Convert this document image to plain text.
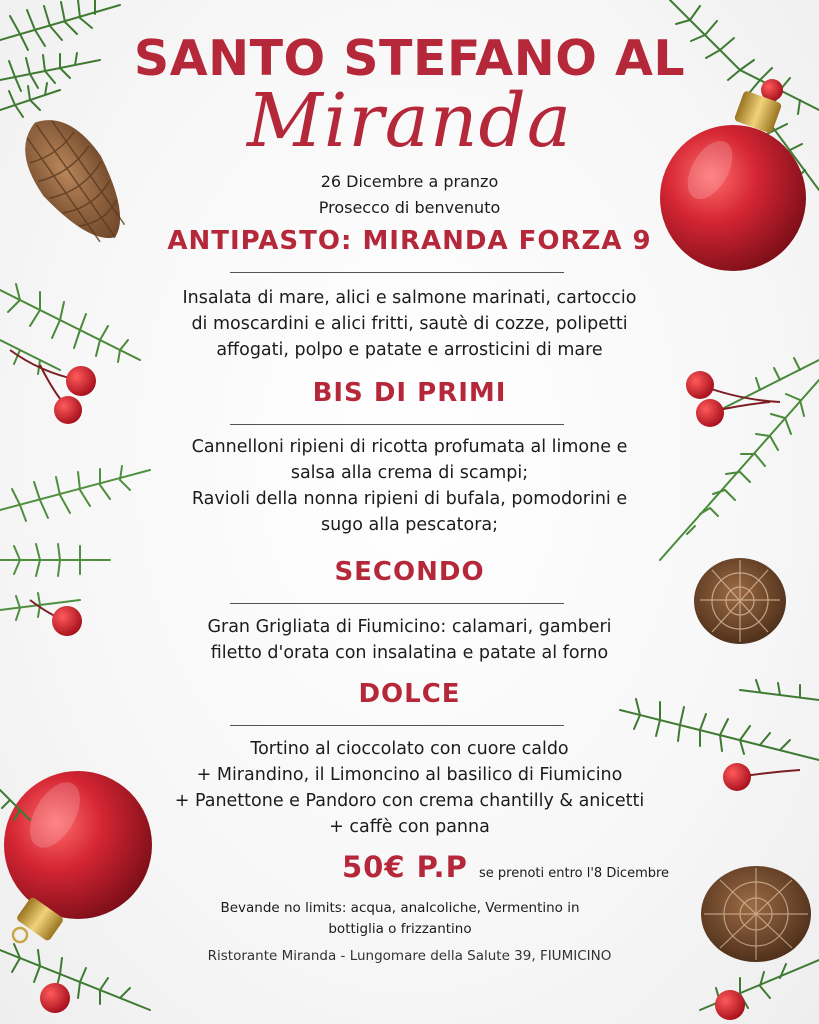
SANTO STEFANO AL
Miranda
26 Dicembre a pranzo
Prosecco di benvenuto
ANTIPASTO: MIRANDA FORZA 9
Insalata di mare, alici e salmone marinati, cartoccio
di moscardini e alici fritti, sautè di cozze, polipetti
affogati, polpo e patate e arrosticini di mare
BIS DI PRIMI
Cannelloni ripieni di ricotta profumata al limone e
salsa alla crema di scampi;
Ravioli della nonna ripieni di bufala, pomodorini e
sugo alla pescatora;
SECONDO
Gran Grigliata di Fiumicino: calamari, gamberi
filetto d'orata con insalatina e patate al forno
DOLCE
Tortino al cioccolato con cuore caldo
+ Mirandino, il Limoncino al basilico di Fiumicino
+ Panettone e Pandoro con crema chantilly & anicetti
+ caffè con panna
50€ P.P se prenoti entro l'8 Dicembre
Bevande no limits: acqua, analcoliche, Vermentino in bottiglia o frizzantino
Ristorante Miranda - Lungomare della Salute 39, FIUMICINO
